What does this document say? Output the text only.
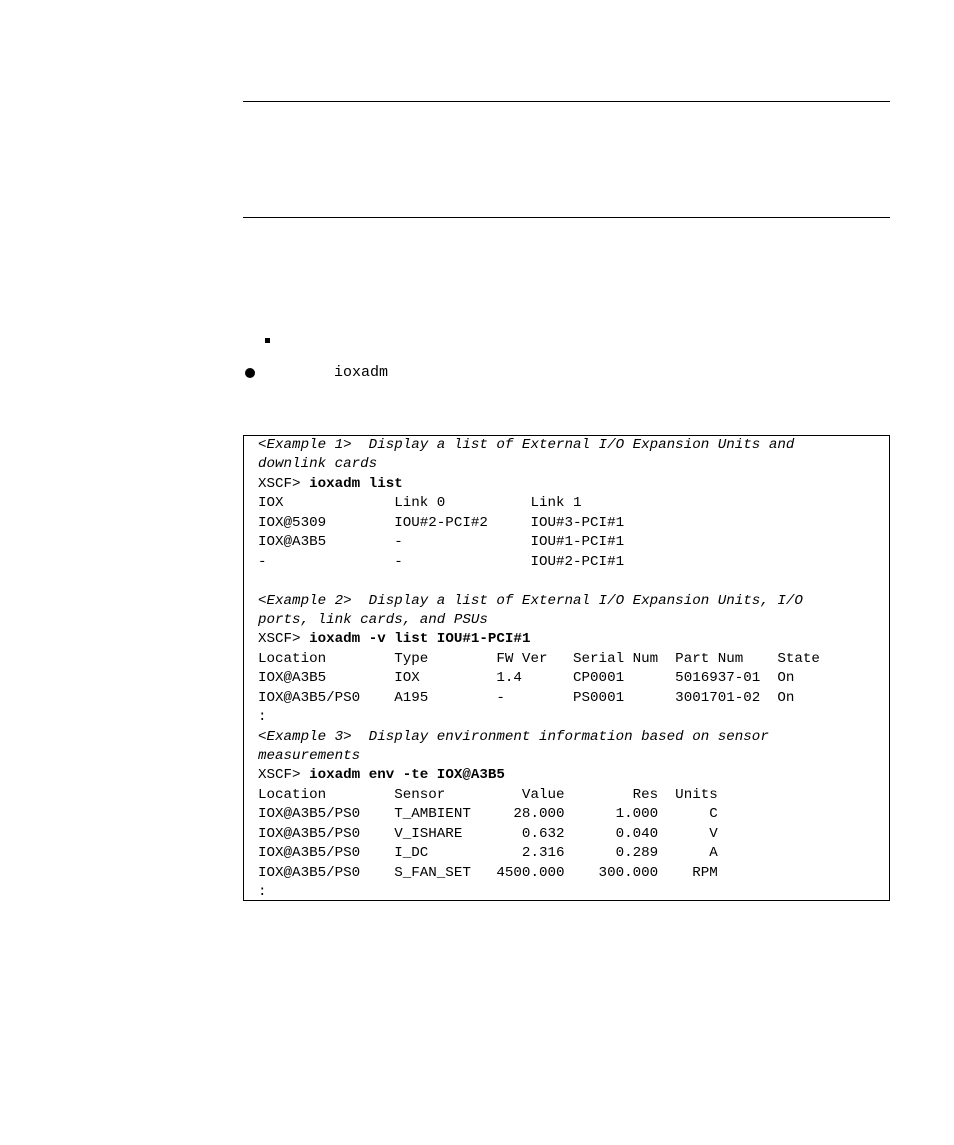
ioxadm
<Example 1>  Display a list of External I/O Expansion Units and
downlink cards
XSCF> ioxadm list
IOX             Link 0          Link 1
IOX@5309        IOU#2-PCI#2     IOU#3-PCI#1
IOX@A3B5        -               IOU#1-PCI#1
-               -               IOU#2-PCI#1
<Example 2>  Display a list of External I/O Expansion Units, I/O
ports, link cards, and PSUs
XSCF> ioxadm -v list IOU#1-PCI#1
Location        Type        FW Ver   Serial Num  Part Num    State
IOX@A3B5        IOX         1.4      CP0001      5016937-01  On
IOX@A3B5/PS0    A195        -        PS0001      3001701-02  On
:
<Example 3>  Display environment information based on sensor
measurements
XSCF> ioxadm env -te IOX@A3B5
Location        Sensor         Value        Res  Units
IOX@A3B5/PS0    T_AMBIENT     28.000      1.000      C
IOX@A3B5/PS0    V_ISHARE       0.632      0.040      V
IOX@A3B5/PS0    I_DC           2.316      0.289      A
IOX@A3B5/PS0    S_FAN_SET   4500.000    300.000    RPM
:
